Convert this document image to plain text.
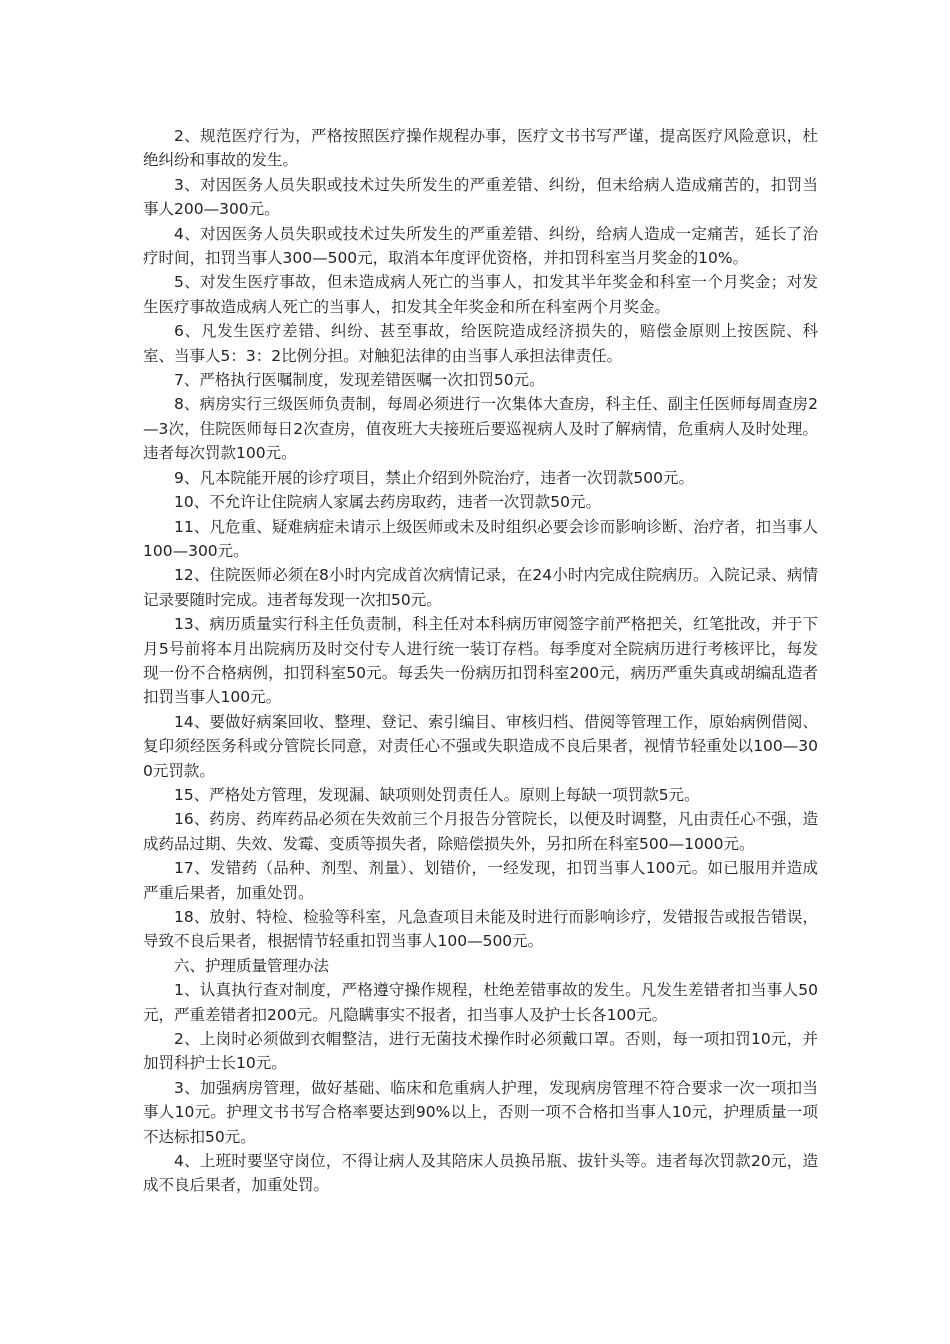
2、规范医疗行为，严格按照医疗操作规程办事，医疗文书书写严谨，提高医疗风险意识，杜绝纠纷和事故的发生。

3、对因医务人员失职或技术过失所发生的严重差错、纠纷，但未给病人造成痛苦的，扣罚当事人200—300元。

4、对因医务人员失职或技术过失所发生的严重差错、纠纷，给病人造成一定痛苦，延长了治疗时间，扣罚当事人300—500元，取消本年度评优资格，并扣罚科室当月奖金的10%。

5、对发生医疗事故，但未造成病人死亡的当事人，扣发其半年奖金和科室一个月奖金；对发生医疗事故造成病人死亡的当事人，扣发其全年奖金和所在科室两个月奖金。

6、凡发生医疗差错、纠纷、甚至事故，给医院造成经济损失的，赔偿金原则上按医院、科室、当事人5：3：2比例分担。对触犯法律的由当事人承担法律责任。

7、严格执行医嘱制度，发现差错医嘱一次扣罚50元。

8、病房实行三级医师负责制，每周必须进行一次集体大查房，科主任、副主任医师每周查房2—3次，住院医师每日2次查房，值夜班大夫接班后要巡视病人及时了解病情，危重病人及时处理。违者每次罚款100元。

9、凡本院能开展的诊疗项目，禁止介绍到外院治疗，违者一次罚款500元。

10、不允许让住院病人家属去药房取药，违者一次罚款50元。

11、凡危重、疑难病症未请示上级医师或未及时组织必要会诊而影响诊断、治疗者，扣当事人100—300元。

12、住院医师必须在8小时内完成首次病情记录，在24小时内完成住院病历。入院记录、病情记录要随时完成。违者每发现一次扣50元。

13、病历质量实行科主任负责制，科主任对本科病历审阅签字前严格把关，红笔批改，并于下月5号前将本月出院病历及时交付专人进行统一装订存档。每季度对全院病历进行考核评比，每发现一份不合格病例，扣罚科室50元。每丢失一份病历扣罚科室200元，病历严重失真或胡编乱造者扣罚当事人100元。

14、要做好病案回收、整理、登记、索引编目、审核归档、借阅等管理工作，原始病例借阅、复印须经医务科或分管院长同意，对责任心不强或失职造成不良后果者，视情节轻重处以100—300元罚款。

15、严格处方管理，发现漏、缺项则处罚责任人。原则上每缺一项罚款5元。

16、药房、药库药品必须在失效前三个月报告分管院长，以便及时调整，凡由责任心不强，造成药品过期、失效、发霉、变质等损失者，除赔偿损失外，另扣所在科室500—1000元。

17、发错药（品种、剂型、剂量）、划错价，一经发现，扣罚当事人100元。如已服用并造成严重后果者，加重处罚。

18、放射、特检、检验等科室，凡急查项目未能及时进行而影响诊疗，发错报告或报告错误，导致不良后果者，根据情节轻重扣罚当事人100—500元。

六、护理质量管理办法

1、认真执行查对制度，严格遵守操作规程，杜绝差错事故的发生。凡发生差错者扣当事人50元，严重差错者扣200元。凡隐瞒事实不报者，扣当事人及护士长各100元。

2、上岗时必须做到衣帽整洁，进行无菌技术操作时必须戴口罩。否则，每一项扣罚10元，并加罚科护士长10元。

3、加强病房管理，做好基础、临床和危重病人护理，发现病房管理不符合要求一次一项扣当事人10元。护理文书书写合格率要达到90%以上，否则一项不合格扣当事人10元，护理质量一项不达标扣50元。

4、上班时要坚守岗位，不得让病人及其陪床人员换吊瓶、拔针头等。违者每次罚款20元，造成不良后果者，加重处罚。
